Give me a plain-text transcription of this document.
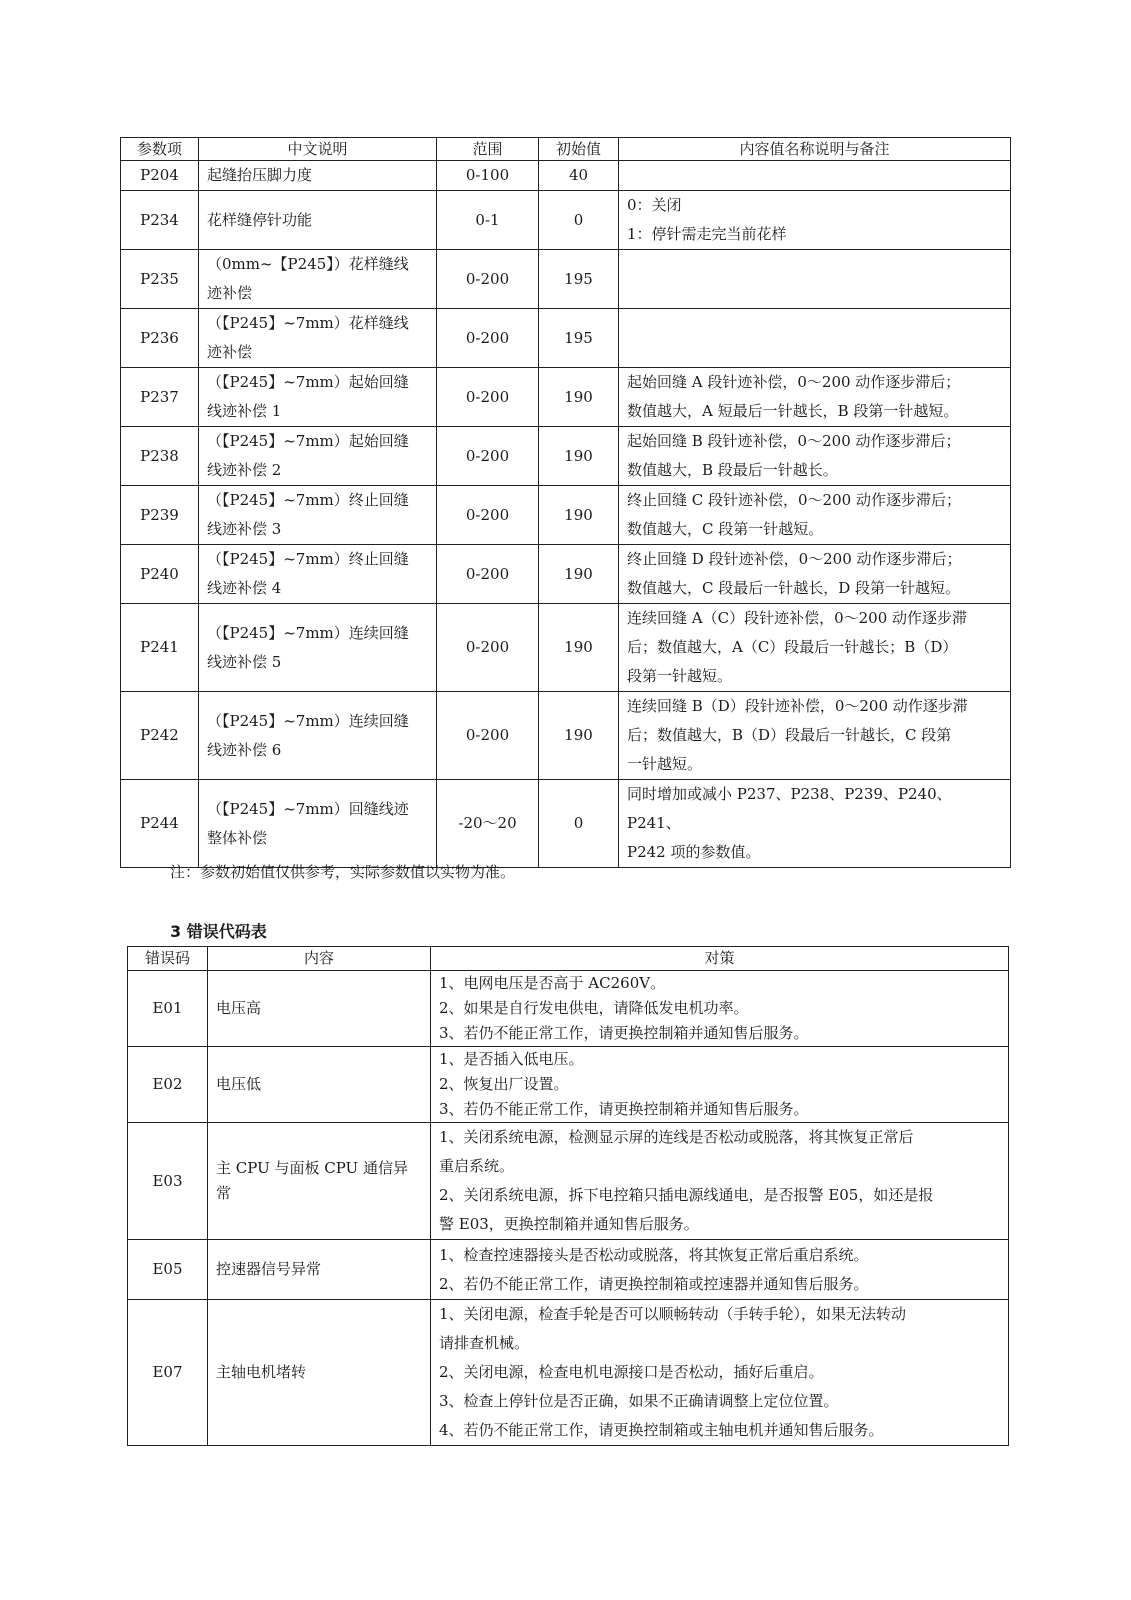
参数项	中文说明	范围	初始值	内容值名称说明与备注
P204	起缝抬压脚力度	0-100	40	
P234	花样缝停针功能	0-1	0	0：关闭
1：停针需走完当前花样

P235	（0mm~【P245】）花样缝线
迹补偿	0-200	195	
P236	（【P245】~7mm）花样缝线
迹补偿	0-200	195	
P237	（【P245】~7mm）起始回缝
线迹补偿 1	0-200	190	起始回缝 A 段针迹补偿，0～200 动作逐步滞后；
数值越大，A 短最后一针越长，B 段第一针越短。

P238	（【P245】~7mm）起始回缝
线迹补偿 2	0-200	190	起始回缝 B 段针迹补偿，0～200 动作逐步滞后；
数值越大，B 段最后一针越长。

P239	（【P245】~7mm）终止回缝
线迹补偿 3	0-200	190	终止回缝 C 段针迹补偿，0～200 动作逐步滞后；
数值越大，C 段第一针越短。

P240	（【P245】~7mm）终止回缝
线迹补偿 4	0-200	190	终止回缝 D 段针迹补偿，0～200 动作逐步滞后；
数值越大，C 段最后一针越长，D 段第一针越短。

P241	（【P245】~7mm）连续回缝
线迹补偿 5	0-200	190	连续回缝 A（C）段针迹补偿，0～200 动作逐步滞
后；数值越大，A（C）段最后一针越长；B（D）
段第一针越短。

P242	（【P245】~7mm）连续回缝
线迹补偿 6	0-200	190	连续回缝 B（D）段针迹补偿，0～200 动作逐步滞
后；数值越大，B（D）段最后一针越长，C 段第
一针越短。

P244	（【P245】~7mm）回缝线迹
整体补偿	-20～20	0	同时增加或减小 P237、P238、P239、P240、P241、
P242 项的参数值。
注：参数初始值仅供参考，实际参数值以实物为准。
3 错误代码表
错误码	内容	对策
E01	电压高	1、电网电压是否高于 AC260V。
2、如果是自行发电供电，请降低发电机功率。
3、若仍不能正常工作，请更换控制箱并通知售后服务。

E02	电压低	1、是否插入低电压。
2、恢复出厂设置。
3、若仍不能正常工作，请更换控制箱并通知售后服务。

E03	主 CPU 与面板 CPU 通信异常	1、关闭系统电源，检测显示屏的连线是否松动或脱落，将其恢复正常后
重启系统。
2、关闭系统电源，拆下电控箱只插电源线通电，是否报警 E05，如还是报
警 E03，更换控制箱并通知售后服务。

E05	控速器信号异常	1、检查控速器接头是否松动或脱落，将其恢复正常后重启系统。
2、若仍不能正常工作，请更换控制箱或控速器并通知售后服务。

E07	主轴电机堵转	1、关闭电源，检查手轮是否可以顺畅转动（手转手轮），如果无法转动
请排查机械。
2、关闭电源，检查电机电源接口是否松动，插好后重启。
3、检查上停针位是否正确，如果不正确请调整上定位位置。
4、若仍不能正常工作，请更换控制箱或主轴电机并通知售后服务。
